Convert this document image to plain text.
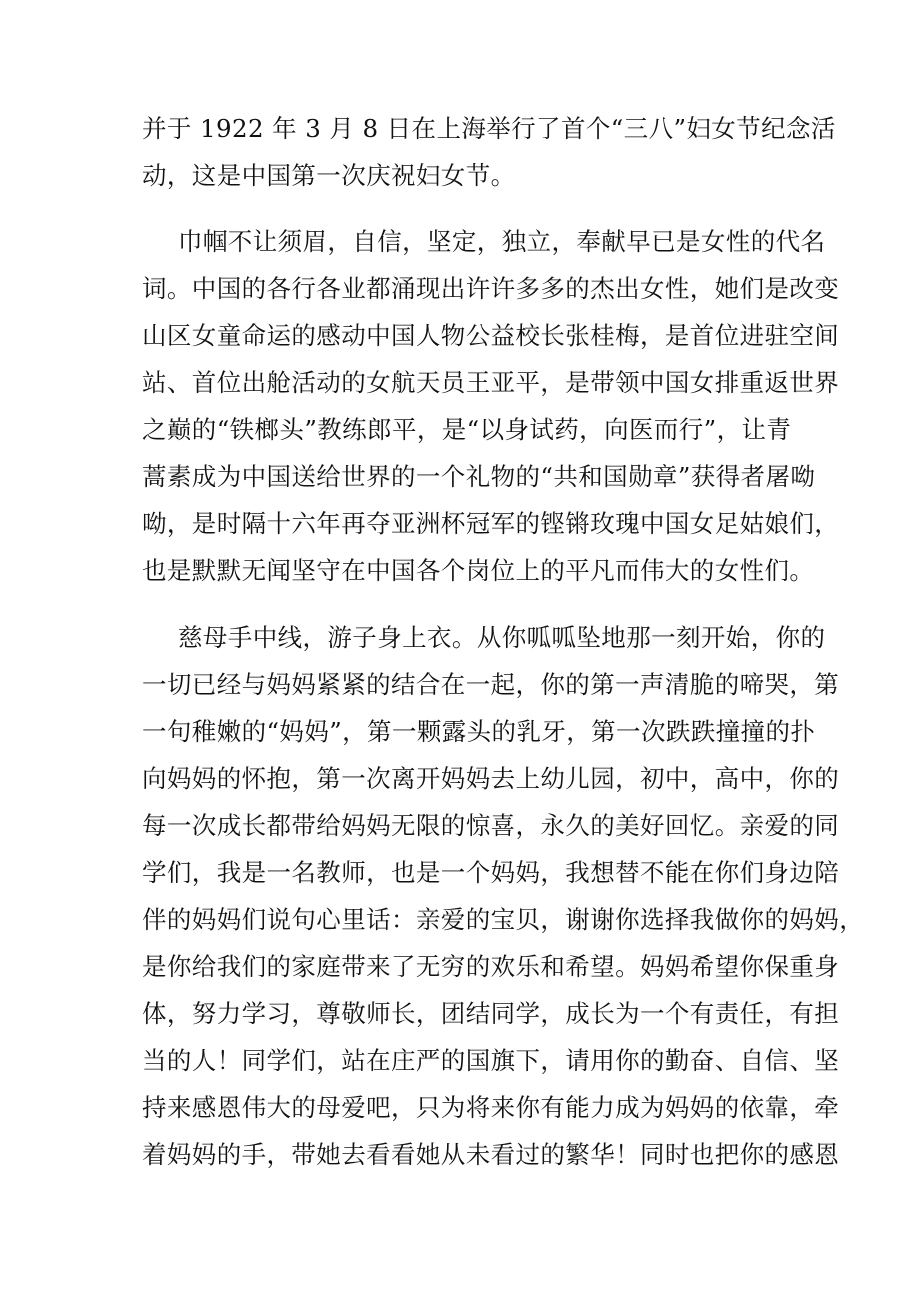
并于 1922 年 3 月 8 日在上海举行了首个“三八”妇女节纪念活
动，这是中国第一次庆祝妇女节。
巾帼不让须眉，自信，坚定，独立，奉献早已是女性的代名
词。中国的各行各业都涌现出许许多多的杰出女性，她们是改变
山区女童命运的感动中国人物公益校长张桂梅，是首位进驻空间
站、首位出舱活动的女航天员王亚平，是带领中国女排重返世界
之巅的“铁榔头”教练郎平，是“以身试药，向医而行”，让青
蒿素成为中国送给世界的一个礼物的“共和国勋章”获得者屠呦
呦，是时隔十六年再夺亚洲杯冠军的铿锵玫瑰中国女足姑娘们，
也是默默无闻坚守在中国各个岗位上的平凡而伟大的女性们。
慈母手中线，游子身上衣。从你呱呱坠地那一刻开始，你的
一切已经与妈妈紧紧的结合在一起，你的第一声清脆的啼哭，第
一句稚嫩的“妈妈”，第一颗露头的乳牙，第一次跌跌撞撞的扑
向妈妈的怀抱，第一次离开妈妈去上幼儿园，初中，高中，你的
每一次成长都带给妈妈无限的惊喜，永久的美好回忆。亲爱的同
学们，我是一名教师，也是一个妈妈，我想替不能在你们身边陪
伴的妈妈们说句心里话：亲爱的宝贝，谢谢你选择我做你的妈妈，
是你给我们的家庭带来了无穷的欢乐和希望。妈妈希望你保重身
体，努力学习，尊敬师长，团结同学，成长为一个有责任，有担
当的人！同学们，站在庄严的国旗下，请用你的勤奋、自信、坚
持来感恩伟大的母爱吧，只为将来你有能力成为妈妈的依靠，牵
着妈妈的手，带她去看看她从未看过的繁华！同时也把你的感恩
